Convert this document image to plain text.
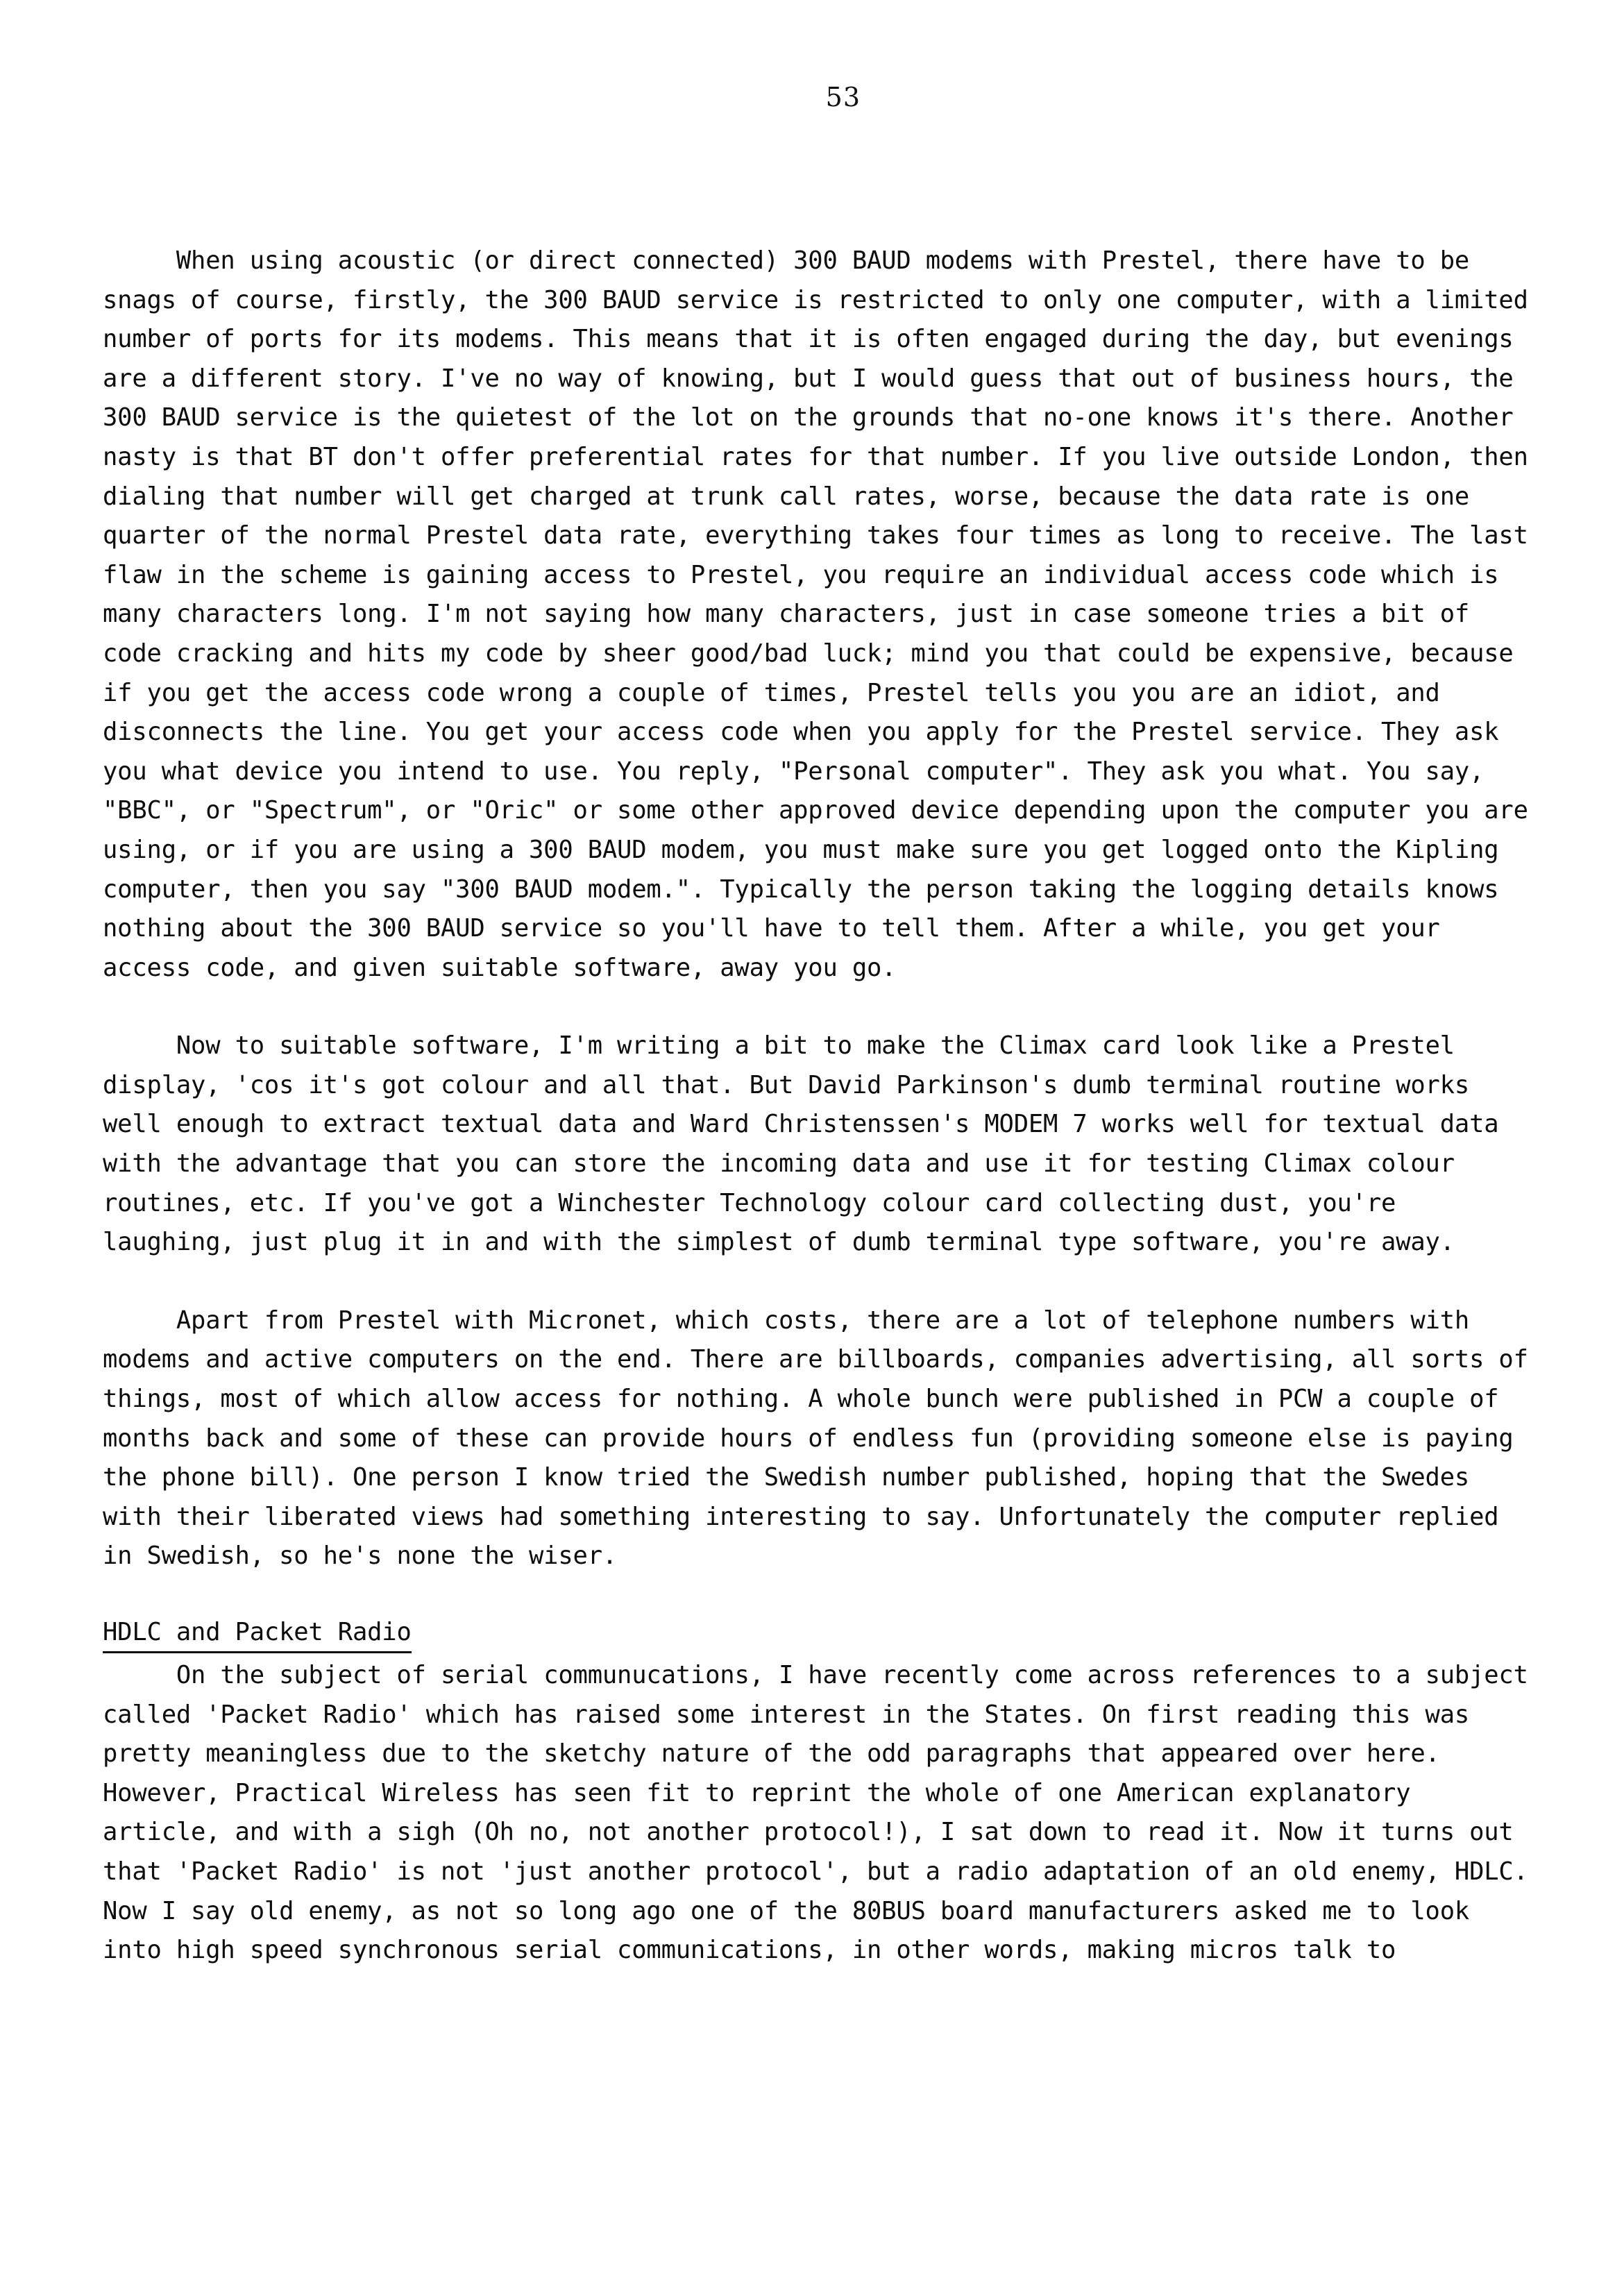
53

When using acoustic (or direct connected) 300 BAUD modems with Prestel, there have to be snags of course, firstly, the 300 BAUD service is restricted to only one computer, with a limited number of ports for its modems. This means that it is often engaged during the day, but evenings are a different story. I've no way of knowing, but I would guess that out of business hours, the 300 BAUD service is the quietest of the lot on the grounds that no-one knows it's there. Another nasty is that BT don't offer preferential rates for that number. If you live outside London, then dialing that number will get charged at trunk call rates, worse, because the data rate is one quarter of the normal Prestel data rate, everything takes four times as long to receive. The last flaw in the scheme is gaining access to Prestel, you require an individual access code which is many characters long. I'm not saying how many characters, just in case someone tries a bit of code cracking and hits my code by sheer good/bad luck; mind you that could be expensive, because if you get the access code wrong a couple of times, Prestel tells you you are an idiot, and disconnects the line. You get your access code when you apply for the Prestel service. They ask you what device you intend to use. You reply, "Personal computer". They ask you what. You say, "BBC", or "Spectrum", or "Oric" or some other approved device depending upon the computer you are using, or if you are using a 300 BAUD modem, you must make sure you get logged onto the Kipling computer, then you say "300 BAUD modem.". Typically the person taking the logging details knows nothing about the 300 BAUD service so you'll have to tell them. After a while, you get your access code, and given suitable software, away you go.

Now to suitable software, I'm writing a bit to make the Climax card look like a Prestel display, 'cos it's got colour and all that. But David Parkinson's dumb terminal routine works well enough to extract textual data and Ward Christenssen's MODEM 7 works well for textual data with the advantage that you can store the incoming data and use it for testing Climax colour routines, etc. If you've got a Winchester Technology colour card collecting dust, you're laughing, just plug it in and with the simplest of dumb terminal type software, you're away.

Apart from Prestel with Micronet, which costs, there are a lot of telephone numbers with modems and active computers on the end. There are billboards, companies advertising, all sorts of things, most of which allow access for nothing. A whole bunch were published in PCW a couple of months back and some of these can provide hours of endless fun (providing someone else is paying the phone bill). One person I know tried the Swedish number published, hoping that the Swedes with their liberated views had something interesting to say. Unfortunately the computer replied in Swedish, so he's none the wiser.

HDLC and Packet Radio

On the subject of serial communucations, I have recently come across references to a subject called 'Packet Radio' which has raised some interest in the States. On first reading this was pretty meaningless due to the sketchy nature of the odd paragraphs that appeared over here. However, Practical Wireless has seen fit to reprint the whole of one American explanatory article, and with a sigh (Oh no, not another protocol!), I sat down to read it. Now it turns out that 'Packet Radio' is not 'just another protocol', but a radio adaptation of an old enemy, HDLC. Now I say old enemy, as not so long ago one of the 80BUS board manufacturers asked me to look into high speed synchronous serial communications, in other words, making micros talk to
